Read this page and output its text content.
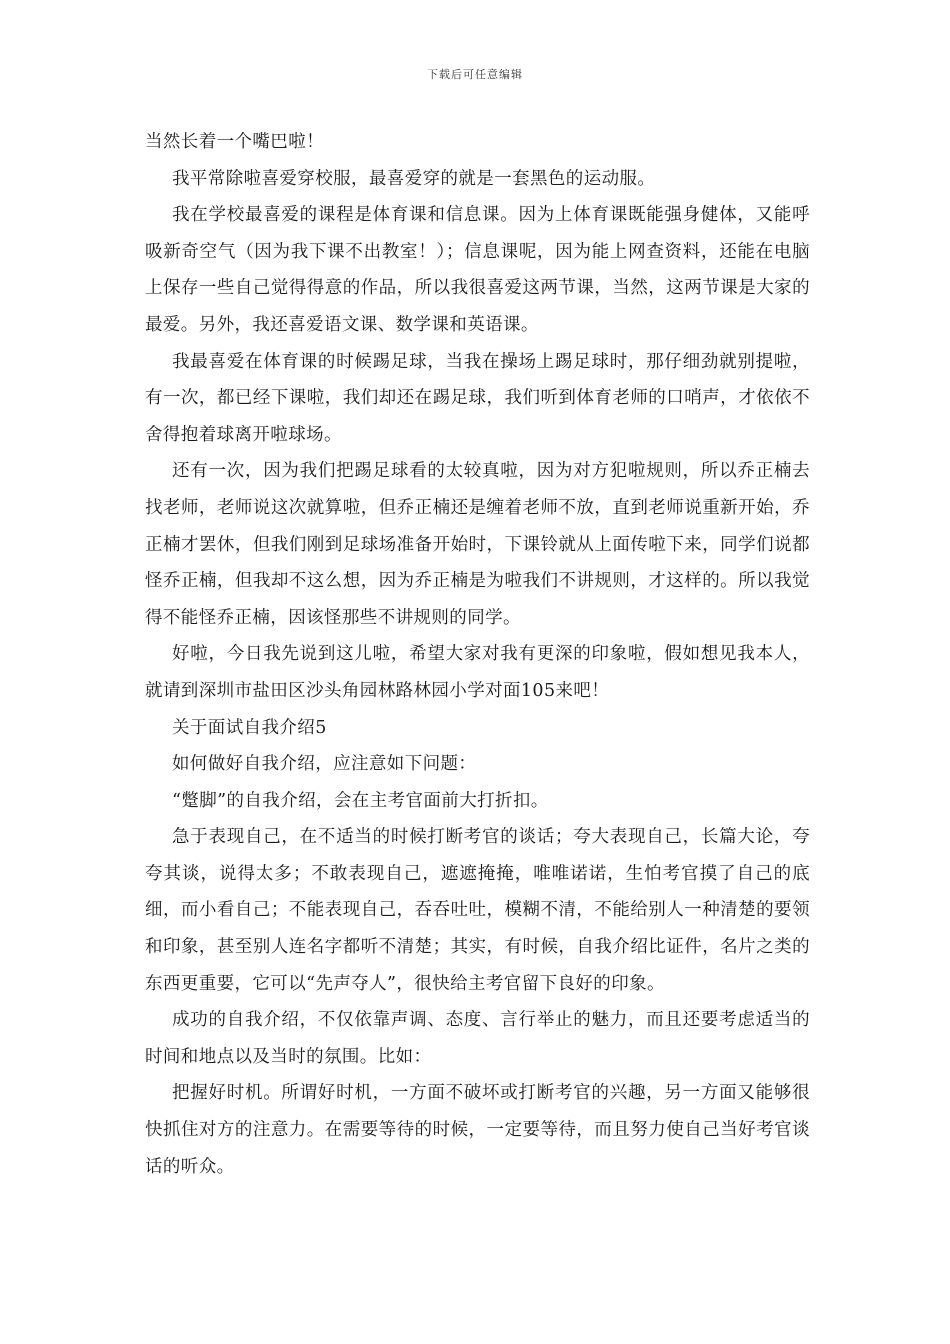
下载后可任意编辑

当然长着一个嘴巴啦！

我平常除啦喜爱穿校服，最喜爱穿的就是一套黑色的运动服。

我在学校最喜爱的课程是体育课和信息课。因为上体育课既能强身健体，又能呼吸新奇空气（因为我下课不出教室！）；信息课呢，因为能上网查资料，还能在电脑上保存一些自己觉得得意的作品，所以我很喜爱这两节课，当然，这两节课是大家的最爱。另外，我还喜爱语文课、数学课和英语课。

我最喜爱在体育课的时候踢足球，当我在操场上踢足球时，那仔细劲就别提啦，有一次，都已经下课啦，我们却还在踢足球，我们听到体育老师的口哨声，才依依不舍得抱着球离开啦球场。

还有一次，因为我们把踢足球看的太较真啦，因为对方犯啦规则，所以乔正楠去找老师，老师说这次就算啦，但乔正楠还是缠着老师不放，直到老师说重新开始，乔正楠才罢休，但我们刚到足球场准备开始时，下课铃就从上面传啦下来，同学们说都怪乔正楠，但我却不这么想，因为乔正楠是为啦我们不讲规则，才这样的。所以我觉得不能怪乔正楠，因该怪那些不讲规则的同学。

好啦，今日我先说到这儿啦，希望大家对我有更深的印象啦，假如想见我本人，就请到深圳市盐田区沙头角园林路林园小学对面105来吧！

关于面试自我介绍5

如何做好自我介绍，应注意如下问题：

“蹩脚”的自我介绍，会在主考官面前大打折扣。

急于表现自己，在不适当的时候打断考官的谈话；夸大表现自己，长篇大论，夸夸其谈，说得太多；不敢表现自己，遮遮掩掩，唯唯诺诺，生怕考官摸了自己的底细，而小看自己；不能表现自己，吞吞吐吐，模糊不清，不能给别人一种清楚的要领和印象，甚至别人连名字都听不清楚；其实，有时候，自我介绍比证件，名片之类的东西更重要，它可以“先声夺人”，很快给主考官留下良好的印象。

成功的自我介绍，不仅依靠声调、态度、言行举止的魅力，而且还要考虑适当的时间和地点以及当时的氛围。比如：

把握好时机。所谓好时机，一方面不破坏或打断考官的兴趣，另一方面又能够很快抓住对方的注意力。在需要等待的时候，一定要等待，而且努力使自己当好考官谈话的听众。
